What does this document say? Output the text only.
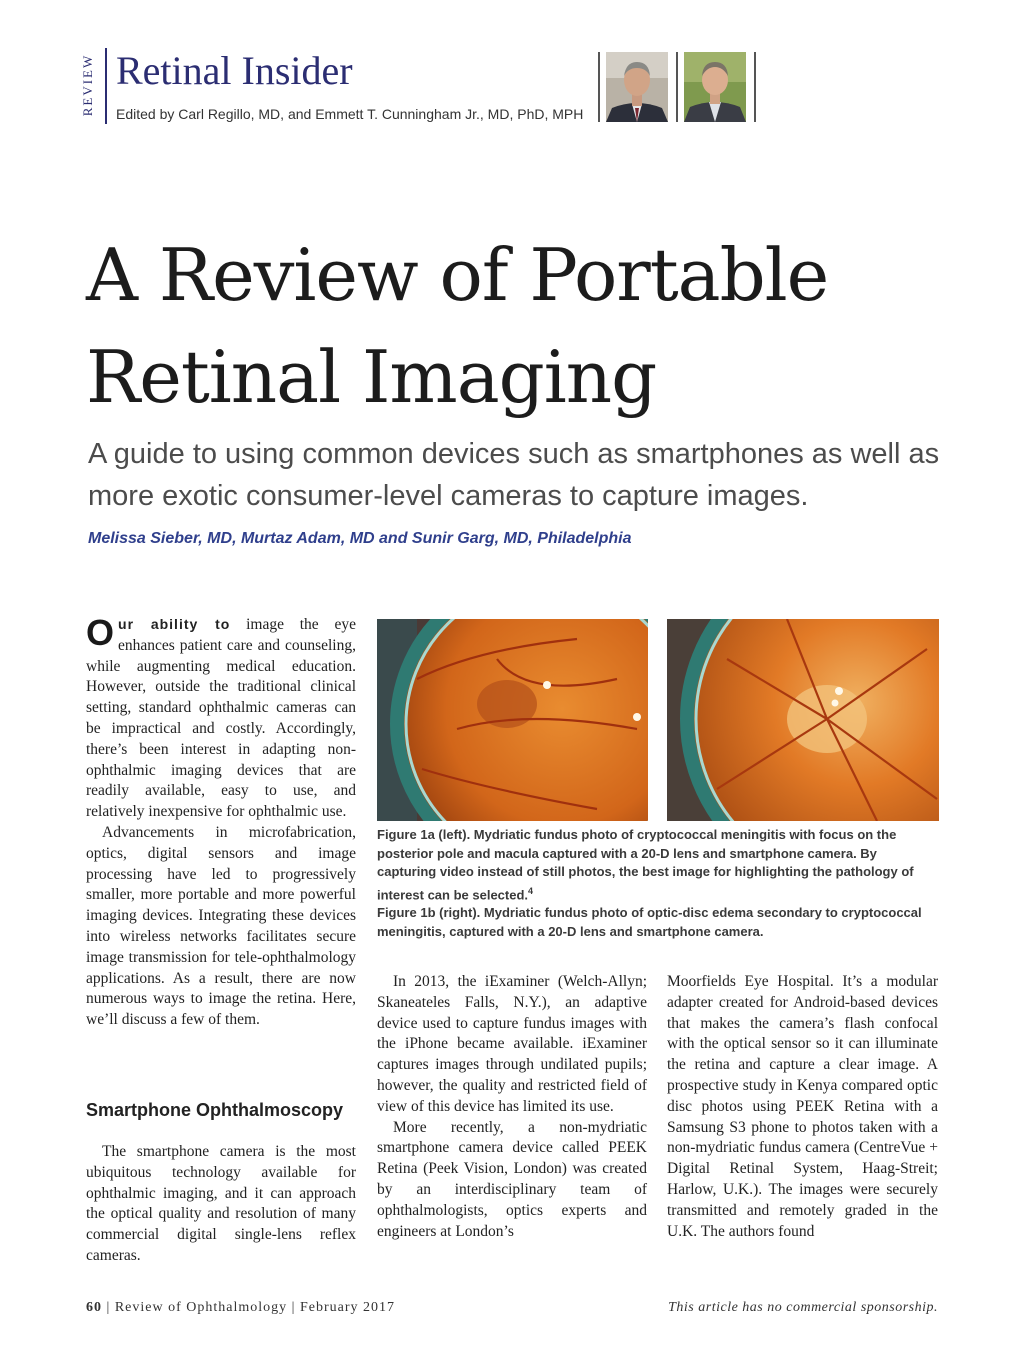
REVIEW Retinal Insider
Edited by Carl Regillo, MD, and Emmett T. Cunningham Jr., MD, PhD, MPH
A Review of Portable
Retinal Imaging
A guide to using common devices such as smartphones as well as more exotic consumer-level cameras to capture images.
Melissa Sieber, MD, Murtaz Adam, MD and Sunir Garg, MD, Philadelphia

Our ability to image the eye enhances patient care and counseling, while augmenting medical education. However, outside the traditional clinical setting, standard ophthalmic cameras can be impractical and costly. Accordingly, there’s been interest in adapting non-ophthalmic imaging devices that are readily available, easy to use, and relatively inexpensive for ophthalmic use.

Advancements in microfabrication, optics, digital sensors and image processing have led to progressively smaller, more portable and more powerful imaging devices. Integrating these devices into wireless networks facilitates secure image transmission for tele-ophthalmology applications. As a result, there are now numerous ways to image the retina. Here, we’ll discuss a few of them.

Smartphone Ophthalmoscopy

The smartphone camera is the most ubiquitous technology available for ophthalmic imaging, and it can approach the optical quality and resolution of many commercial digital single-lens reflex cameras.

Figure 1a (left). Mydriatic fundus photo of cryptococcal meningitis with focus on the posterior pole and macula captured with a 20-D lens and smartphone camera. By capturing video instead of still photos, the best image for highlighting the pathology of interest can be selected.$^4$

Figure 1b (right). Mydriatic fundus photo of optic-disc edema secondary to cryptococcal meningitis, captured with a 20-D lens and smartphone camera.

In 2013, the iExaminer (Welch-Allyn; Skaneateles Falls, N.Y.), an adaptive device used to capture fundus images with the iPhone became available. iExaminer captures images through undilated pupils; however, the quality and restricted field of view of this device has limited its use.

More recently, a non-mydriatic smartphone camera device called PEEK Retina (Peek Vision, London) was created by an interdisciplinary team of ophthalmologists, optics experts and engineers at London’s

Moorfields Eye Hospital. It’s a modular adapter created for Android-based devices that makes the camera’s flash confocal with the optical sensor so it can illuminate the retina and capture a clear image. A prospective study in Kenya compared optic disc photos using PEEK Retina with a Samsung S3 phone to photos taken with a non-mydriatic fundus camera (CentreVue + Digital Retinal System, Haag-Streit; Harlow, U.K.). The images were securely transmitted and remotely graded in the U.K. The authors found

60 | Review of Ophthalmology | February 2017	This article has no commercial sponsorship.
